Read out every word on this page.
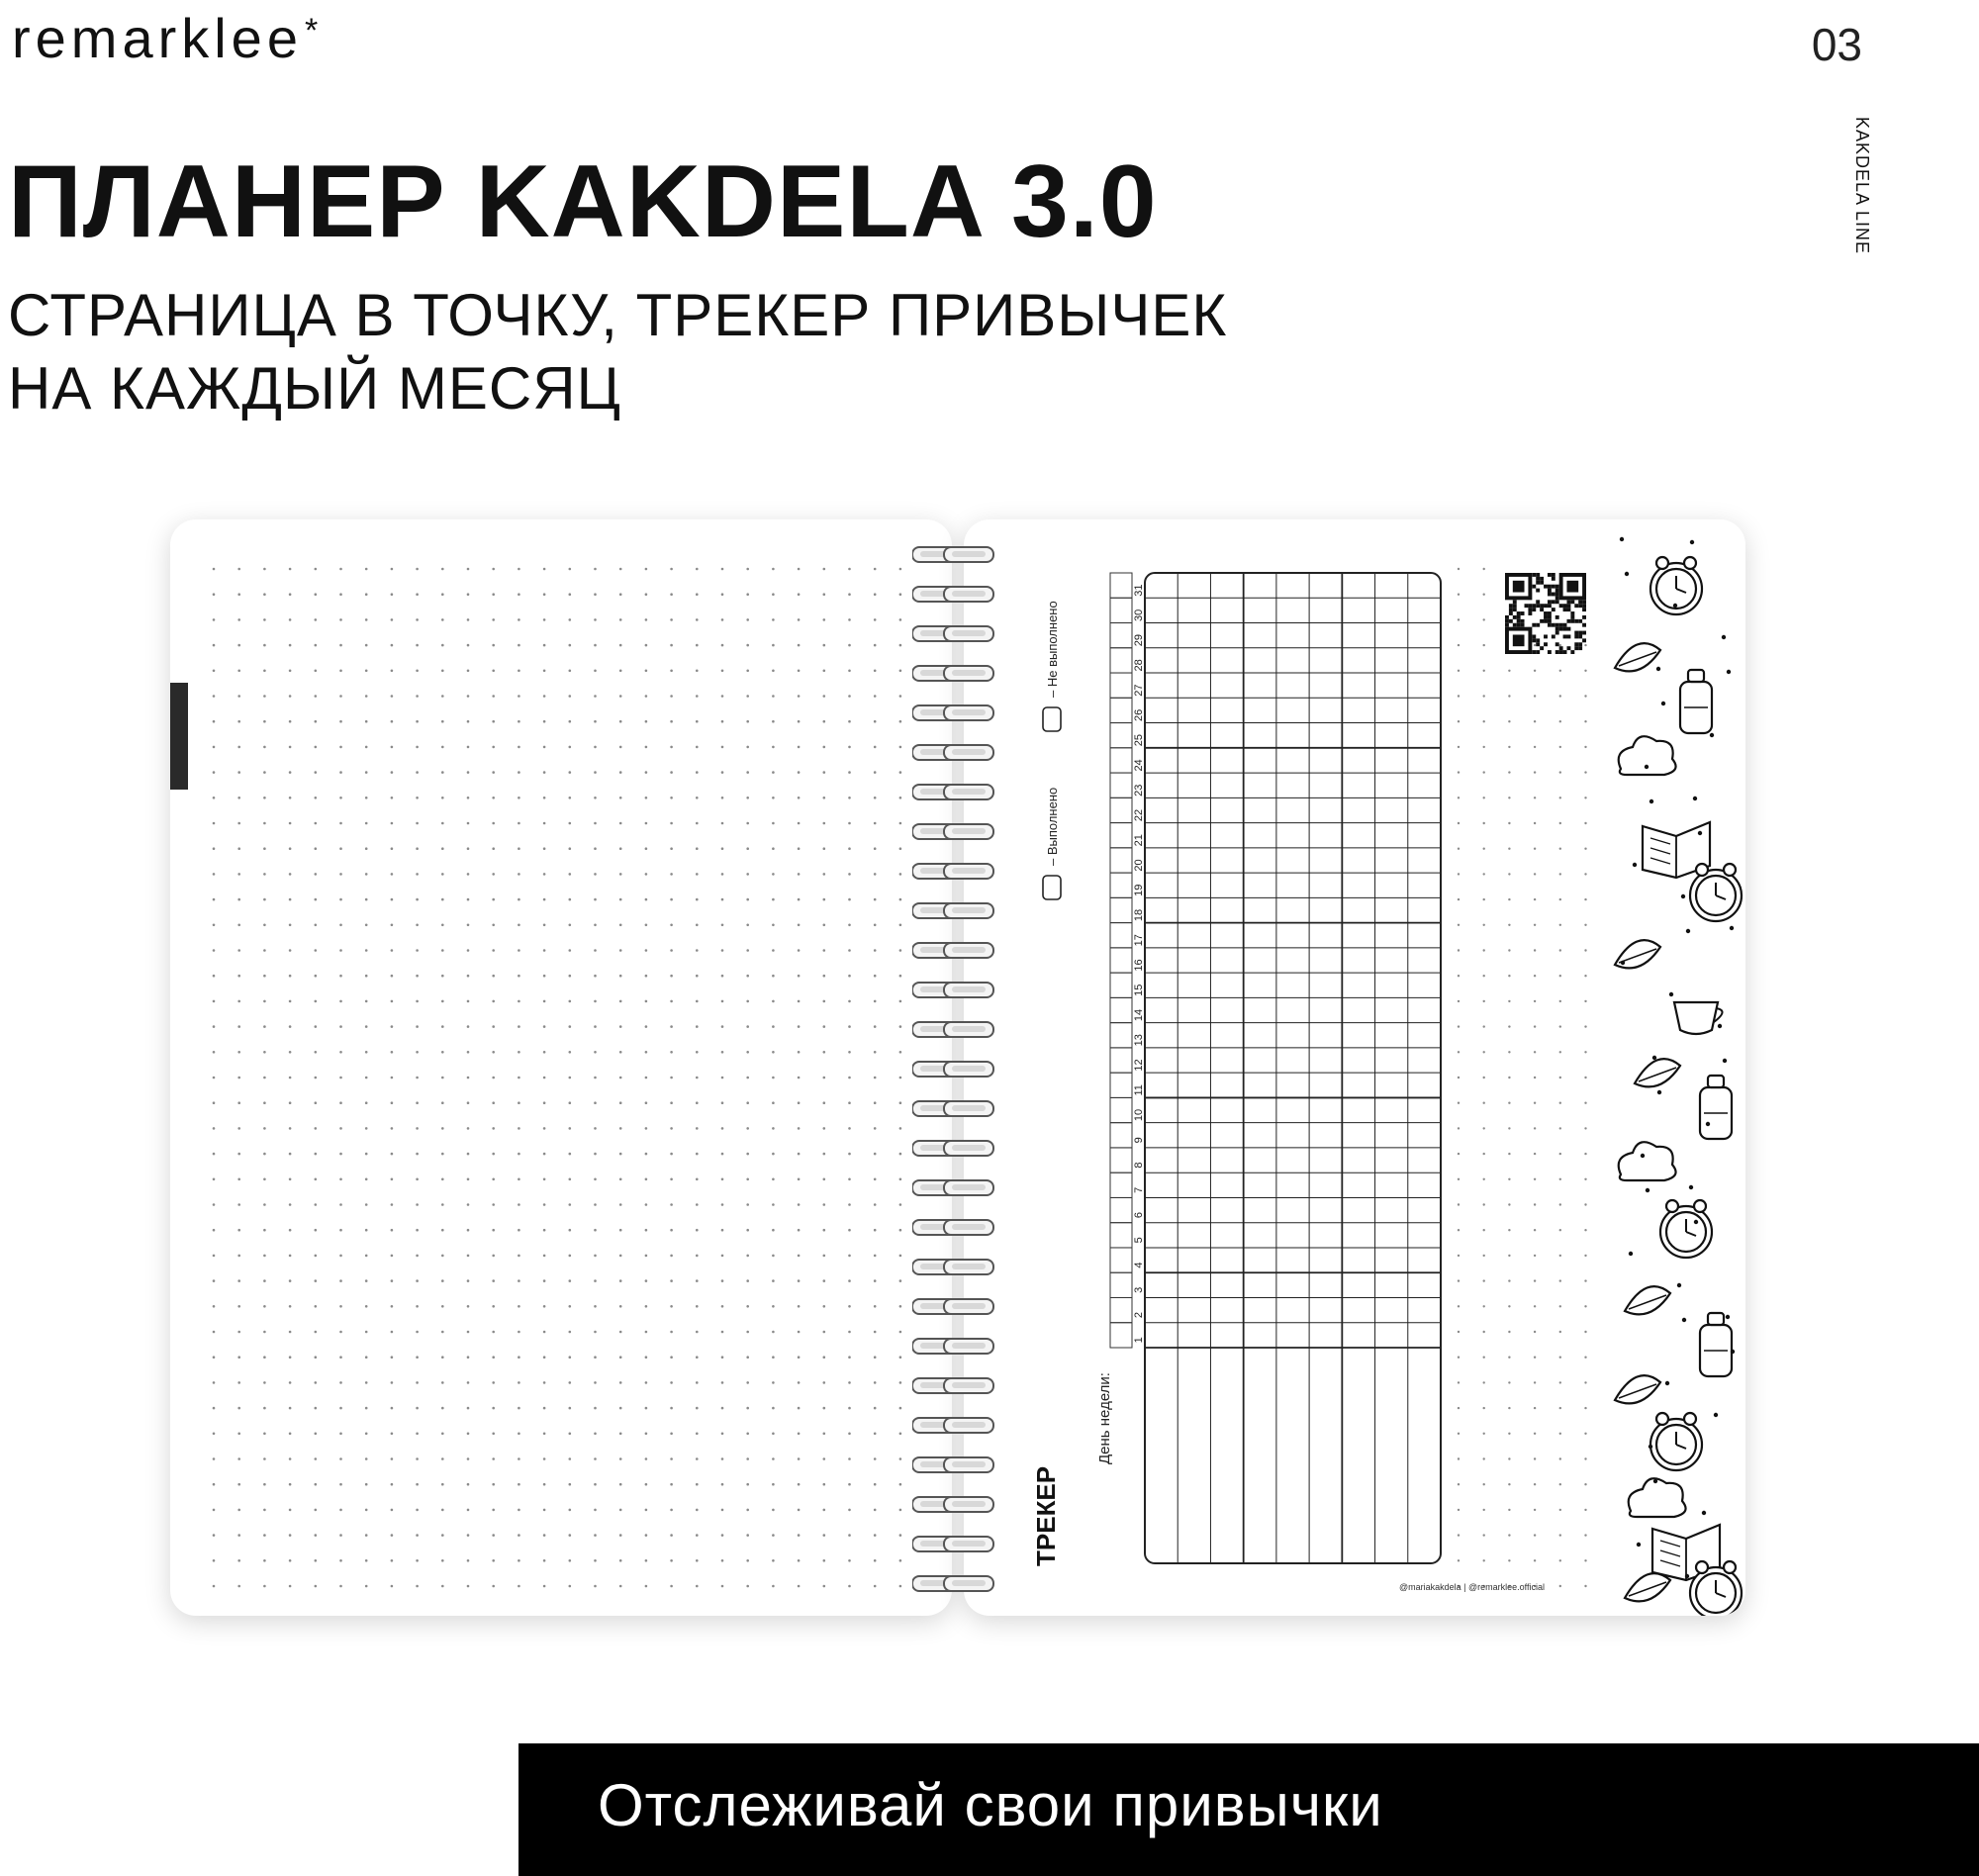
remarklee*	03
KAKDELA LINE
ПЛАНЕР KAKDELA 3.0
СТРАНИЦА В ТОЧКУ, ТРЕКЕР ПРИВЫЧЕК
НА КАЖДЫЙ МЕСЯЦ
1
2
3
4
5
6
7
8
9
10
11
12
13
14
15
16
17
18
19
20
21
22
23
24
25
26
27
28
29
30
31
ТРЕКЕР
День недели:
– Выполнено
– Не выполнено
@mariakakdela | @remarklee.official
Отслеживай свои привычки
